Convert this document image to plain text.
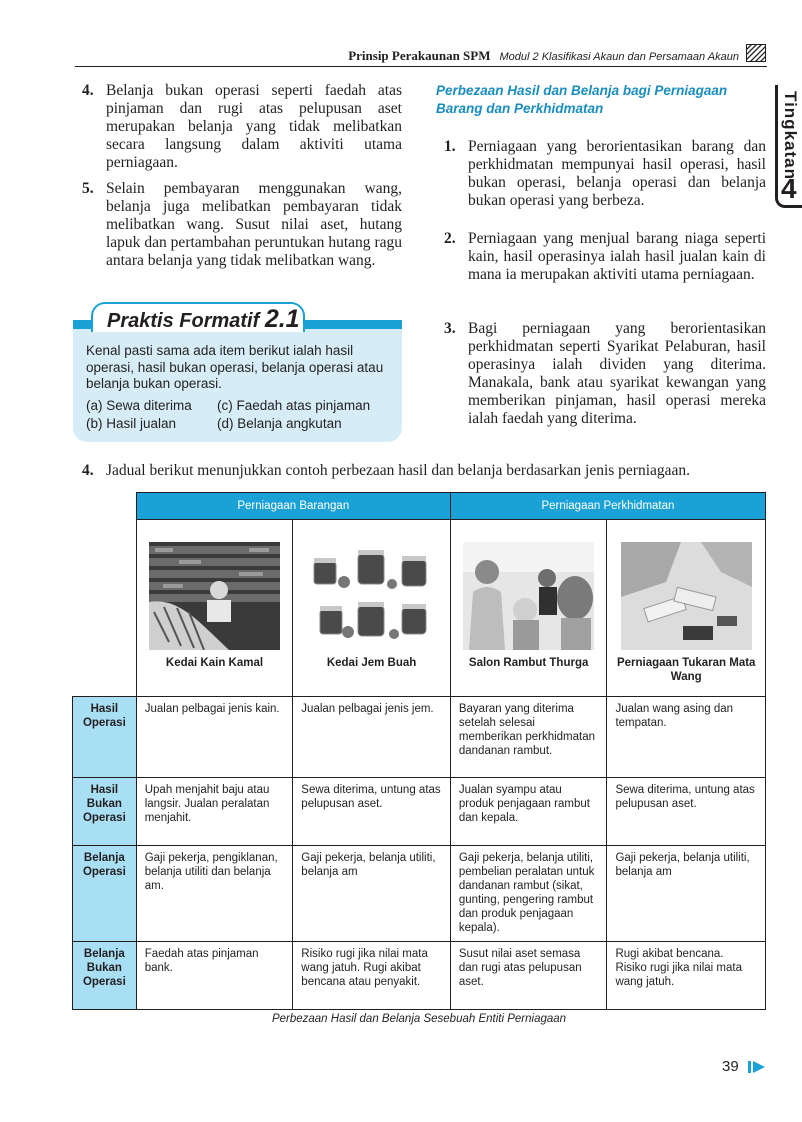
Prinsip Perakaunan SPM Modul 2 Klasifikasi Akaun dan Persamaan Akaun
Tingkatan
4
4. Belanja bukan operasi seperti faedah atas pinjaman dan rugi atas pelupusan aset merupakan belanja yang tidak melibatkan secara langsung dalam aktiviti utama perniagaan.
5. Selain pembayaran menggunakan wang, belanja juga melibatkan pembayaran tidak melibatkan wang. Susut nilai aset, hutang lapuk dan pertambahan peruntukan hutang ragu antara belanja yang tidak melibatkan wang.
Praktis Formatif 2.1
Kenal pasti sama ada item berikut ialah hasil operasi, hasil bukan operasi, belanja operasi atau belanja bukan operasi.
(a) Sewa diterima
(b) Hasil jualan
(c) Faedah atas pinjaman
(d) Belanja angkutan
Perbezaan Hasil dan Belanja bagi Perniagaan Barang dan Perkhidmatan
1. Perniagaan yang berorientasikan barang dan perkhidmatan mempunyai hasil operasi, hasil bukan operasi, belanja operasi dan belanja bukan operasi yang berbeza.
2. Perniagaan yang menjual barang niaga seperti kain, hasil operasinya ialah hasil jualan kain di mana ia merupakan aktiviti utama perniagaan.
3. Bagi perniagaan yang berorientasikan perkhidmatan seperti Syarikat Pelaburan, hasil operasinya ialah dividen yang diterima. Manakala, bank atau syarikat kewangan yang memberikan pinjaman, hasil operasi mereka ialah faedah yang diterima.
4. Jadual berikut menunjukkan contoh perbezaan hasil dan belanja berdasarkan jenis perniagaan.
	Perniagaan Barangan		Perniagaan Perkhidmatan	

	Kedai Kain Kamal	Kedai Jem Buah	Salon Rambut Thurga	Perniagaan Tukaran Mata Wang

Hasil Operasi	Jualan pelbagai jenis kain.	Jualan pelbagai jenis jem.	Bayaran yang diterima setelah selesai memberikan perkhidmatan dandanan rambut.	Jualan wang asing dan tempatan.
Hasil Bukan Operasi	Upah menjahit baju atau langsir. Jualan peralatan menjahit.	Sewa diterima, untung atas pelupusan aset.	Jualan syampu atau produk penjagaan rambut dan kepala.	Sewa diterima, untung atas pelupusan aset.
Belanja Operasi	Gaji pekerja, pengiklanan, belanja utiliti dan belanja am.	Gaji pekerja, belanja utiliti, belanja am	Gaji pekerja, belanja utiliti, pembelian peralatan untuk dandanan rambut (sikat, gunting, pengering rambut dan produk penjagaan kepala).	Gaji pekerja, belanja utiliti, belanja am
Belanja Bukan Operasi	Faedah atas pinjaman bank.	Risiko rugi jika nilai mata wang jatuh. Rugi akibat bencana atau penyakit.	Susut nilai aset semasa dan rugi atas pelupusan aset.	Rugi akibat bencana. Risiko rugi jika nilai mata wang jatuh.
Perbezaan Hasil dan Belanja Sesebuah Entiti Perniagaan
39
